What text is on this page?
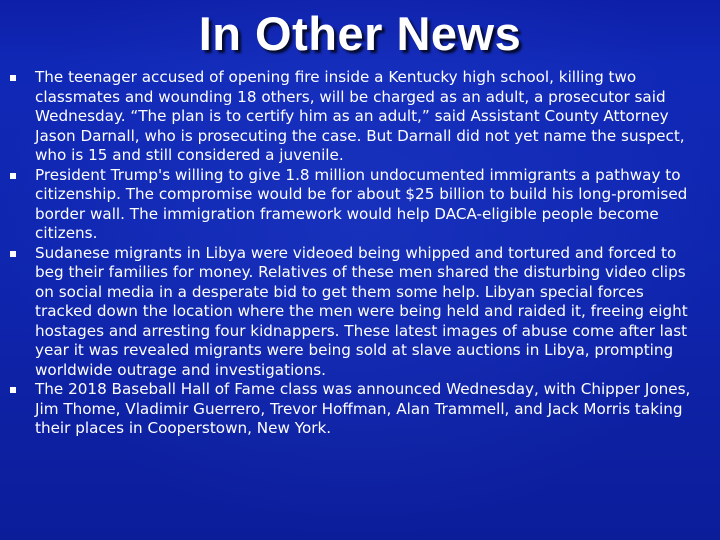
In Other News
The teenager accused of opening fire inside a Kentucky high school, killing two classmates and wounding 18 others, will be charged as an adult, a prosecutor said Wednesday. “The plan is to certify him as an adult,” said Assistant County Attorney Jason Darnall, who is prosecuting the case. But Darnall did not yet name the suspect, who is 15 and still considered a juvenile.
President Trump's willing to give 1.8 million undocumented immigrants a pathway to citizenship. The compromise would be for about $25 billion to build his long-promised border wall. The immigration framework would help DACA-eligible people become citizens.
Sudanese migrants in Libya were videoed being whipped and tortured and forced to beg their families for money. Relatives of these men shared the disturbing video clips on social media in a desperate bid to get them some help. Libyan special forces tracked down the location where the men were being held and raided it, freeing eight hostages and arresting four kidnappers. These latest images of abuse come after last year it was revealed migrants were being sold at slave auctions in Libya, prompting worldwide outrage and investigations.
The 2018 Baseball Hall of Fame class was announced Wednesday, with Chipper Jones, Jim Thome, Vladimir Guerrero, Trevor Hoffman, Alan Trammell, and Jack Morris taking their places in Cooperstown, New York.
